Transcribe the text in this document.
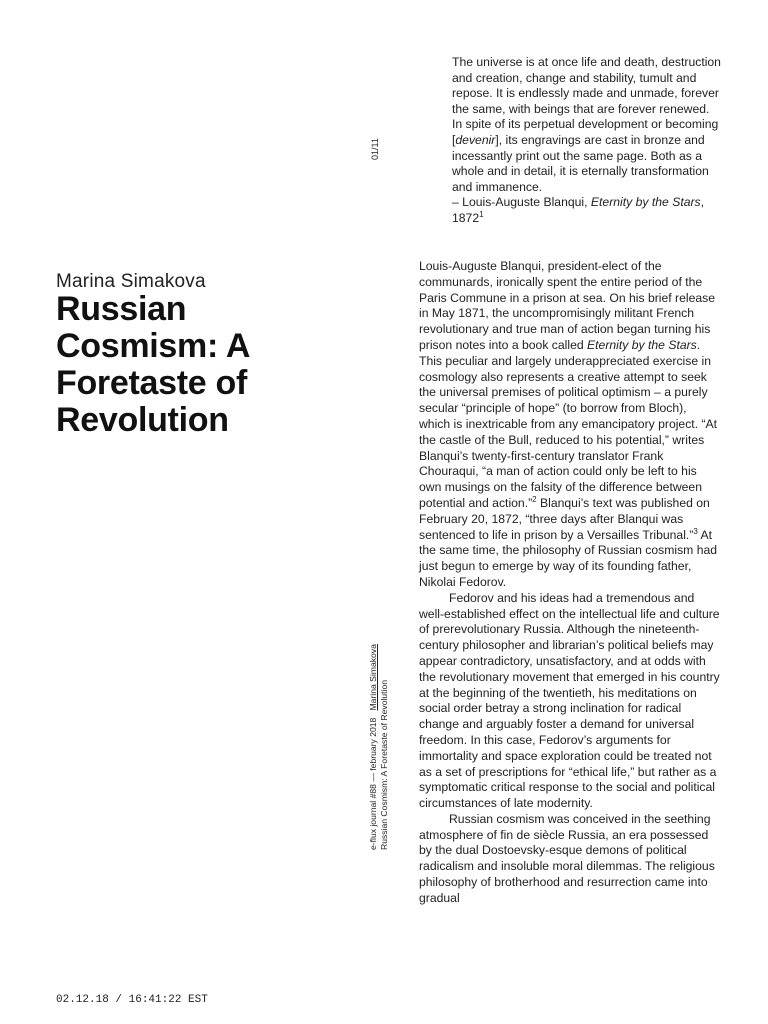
Marina Simakova
Russian Cosmism: A Foretaste of Revolution
01/11
e-flux journal #88 — february 2018   Marina Simakova
Russian Cosmism: A Foretaste of Revolution

The universe is at once life and death, destruction and creation, change and stability, tumult and repose. It is endlessly made and unmade, forever the same, with beings that are forever renewed. In spite of its perpetual development or becoming [devenir], its engravings are cast in bronze and incessantly print out the same page. Both as a whole and in detail, it is eternally transformation and immanence.

– Louis-Auguste Blanqui, Eternity by the Stars, 1872$^1$

Louis-Auguste Blanqui, president-elect of the communards, ironically spent the entire period of the Paris Commune in a prison at sea. On his brief release in May 1871, the uncompromisingly militant French revolutionary and true man of action began turning his prison notes into a book called Eternity by the Stars. This peculiar and largely underappreciated exercise in cosmology also represents a creative attempt to seek the universal premises of political optimism – a purely secular “principle of hope” (to borrow from Bloch), which is inextricable from any emancipatory project. “At the castle of the Bull, reduced to his potential,” writes Blanqui’s twenty-first-century translator Frank Chouraqui, “a man of action could only be left to his own musings on the falsity of the difference between potential and action.”$^2$ Blanqui’s text was published on February 20, 1872, “three days after Blanqui was sentenced to life in prison by a Versailles Tribunal.”$^3$ At the same time, the philosophy of Russian cosmism had just begun to emerge by way of its founding father, Nikolai Fedorov.

Fedorov and his ideas had a tremendous and well-established effect on the intellectual life and culture of prerevolutionary Russia. Although the nineteenth-century philosopher and librarian’s political beliefs may appear contradictory, unsatisfactory, and at odds with the revolutionary movement that emerged in his country at the beginning of the twentieth, his meditations on social order betray a strong inclination for radical change and arguably foster a demand for universal freedom. In this case, Fedorov’s arguments for immortality and space exploration could be treated not as a set of prescriptions for “ethical life,” but rather as a symptomatic critical response to the social and political circumstances of late modernity.

Russian cosmism was conceived in the seething atmosphere of fin de siècle Russia, an era possessed by the dual Dostoevsky-esque demons of political radicalism and insoluble moral dilemmas. The religious philosophy of brotherhood and resurrection came into gradual

02.12.18 / 16:41:22 EST
